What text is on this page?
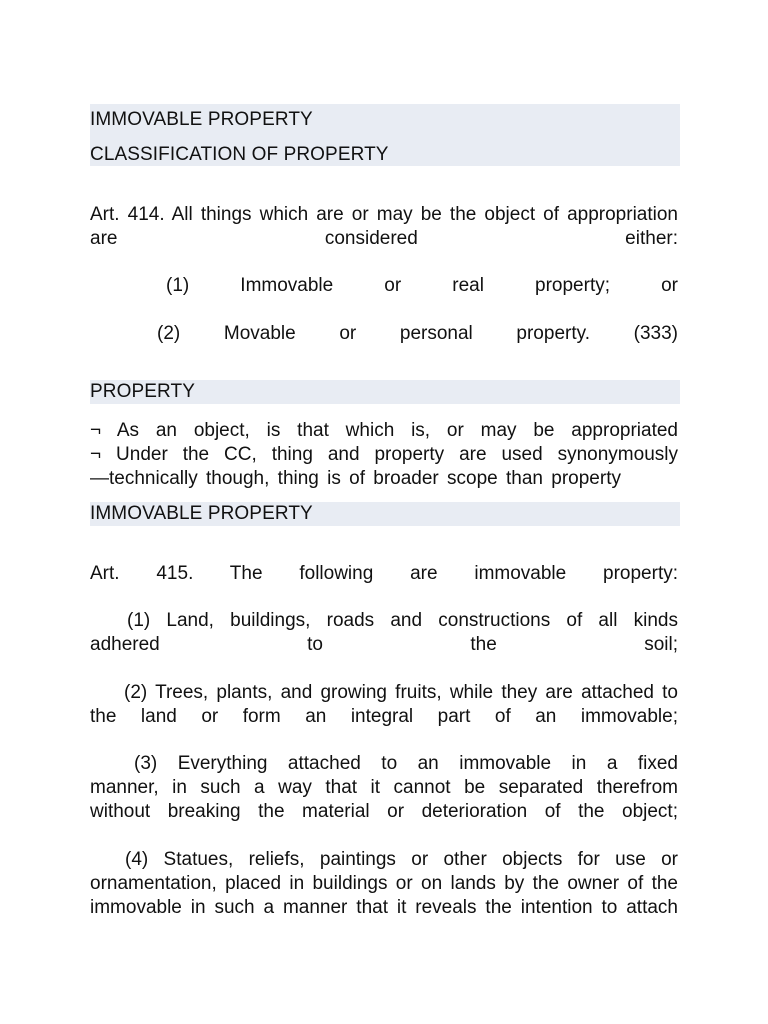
IMMOVABLE PROPERTY
CLASSIFICATION OF PROPERTY
Art. 414. All things which are or may be the object of appropriation
are considered either:
(1) Immovable or real property; or
(2) Movable or personal property. (333)
PROPERTY
¬ As an object, is that which is, or may be appropriated
¬ Under the CC, thing and property are used synonymously
—technically though, thing is of broader scope than property
IMMOVABLE PROPERTY
Art. 415. The following are immovable property:
(1) Land, buildings, roads and constructions of all kinds
adhered to the soil;
(2) Trees, plants, and growing fruits, while they are attached to
the land or form an integral part of an immovable;
(3) Everything attached to an immovable in a fixed
manner, in such a way that it cannot be separated therefrom
without breaking the material or deterioration of the object;
(4) Statues, reliefs, paintings or other objects for use or
ornamentation, placed in buildings or on lands by the owner of the
immovable in such a manner that it reveals the intention to attach
